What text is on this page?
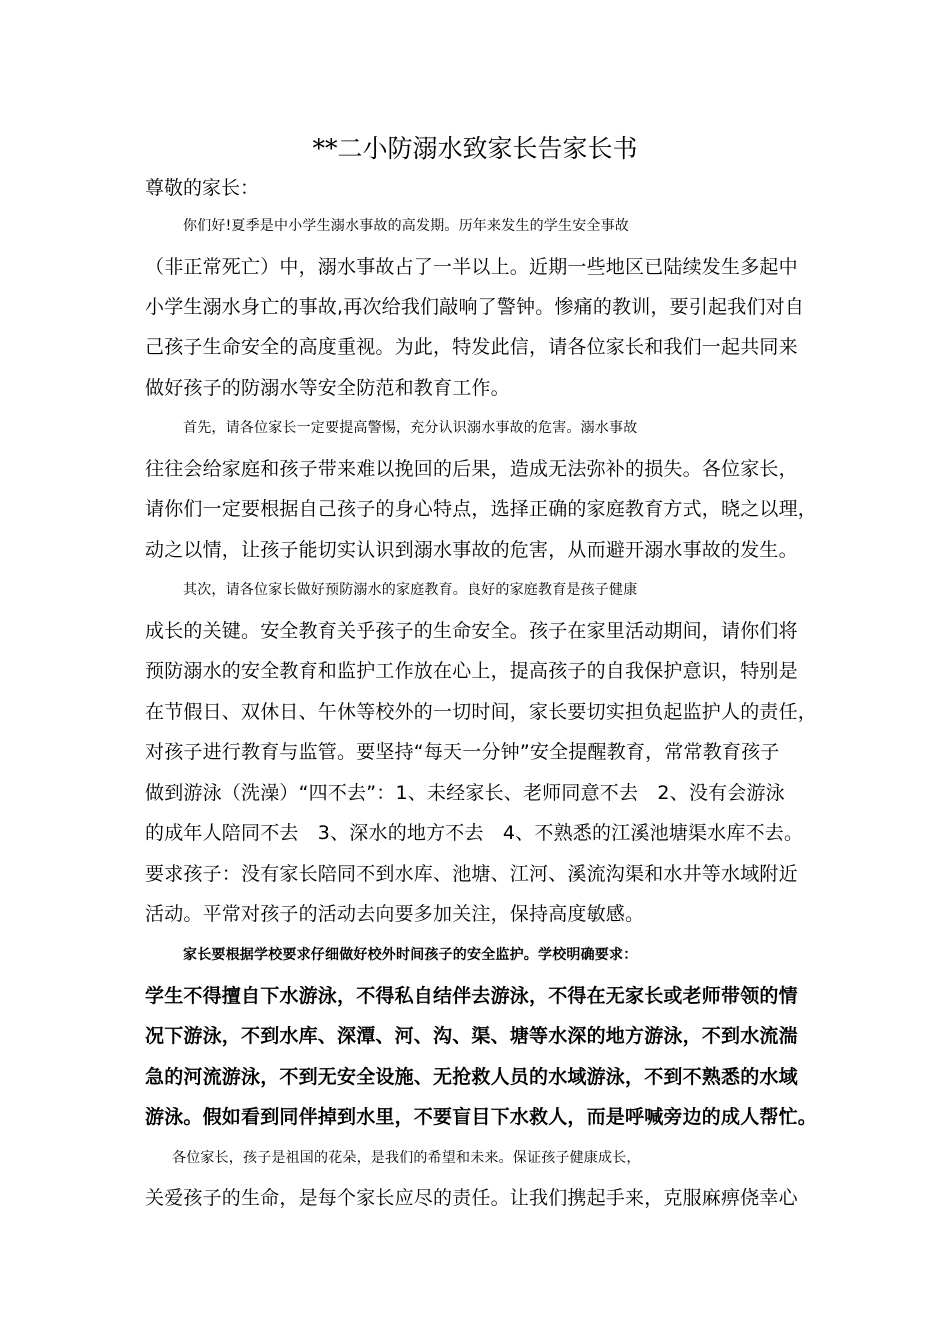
**二小防溺水致家长告家长书
尊敬的家长：
你们好!夏季是中小学生溺水事故的高发期。历年来发生的学生安全事故
（非正常死亡）中，溺水事故占了一半以上。近期一些地区已陆续发生多起中
小学生溺水身亡的事故,再次给我们敲响了警钟。惨痛的教训，要引起我们对自
己孩子生命安全的高度重视。为此，特发此信，请各位家长和我们一起共同来
做好孩子的防溺水等安全防范和教育工作。
首先，请各位家长一定要提高警惕，充分认识溺水事故的危害。溺水事故
往往会给家庭和孩子带来难以挽回的后果，造成无法弥补的损失。各位家长，
请你们一定要根据自己孩子的身心特点，选择正确的家庭教育方式，晓之以理，
动之以情，让孩子能切实认识到溺水事故的危害，从而避开溺水事故的发生。
其次，请各位家长做好预防溺水的家庭教育。良好的家庭教育是孩子健康
成长的关键。安全教育关乎孩子的生命安全。孩子在家里活动期间，请你们将
预防溺水的安全教育和监护工作放在心上，提高孩子的自我保护意识，特别是
在节假日、双休日、午休等校外的一切时间，家长要切实担负起监护人的责任，
对孩子进行教育与监管。要坚持“每天一分钟”安全提醒教育，常常教育孩子
做到游泳（洗澡）“四不去”：1、未经家长、老师同意不去　2、没有会游泳
的成年人陪同不去　3、深水的地方不去　4、不熟悉的江溪池塘渠水库不去。
要求孩子：没有家长陪同不到水库、池塘、江河、溪流沟渠和水井等水域附近
活动。平常对孩子的活动去向要多加关注，保持高度敏感。
家长要根据学校要求仔细做好校外时间孩子的安全监护。学校明确要求：
学生不得擅自下水游泳，不得私自结伴去游泳，不得在无家长或老师带领的情
况下游泳，不到水库、深潭、河、沟、渠、塘等水深的地方游泳，不到水流湍
急的河流游泳，不到无安全设施、无抢救人员的水域游泳，不到不熟悉的水域
游泳。假如看到同伴掉到水里，不要盲目下水救人，而是呼喊旁边的成人帮忙。
各位家长，孩子是祖国的花朵，是我们的希望和未来。保证孩子健康成长，
关爱孩子的生命，是每个家长应尽的责任。让我们携起手来，克服麻痹侥幸心
